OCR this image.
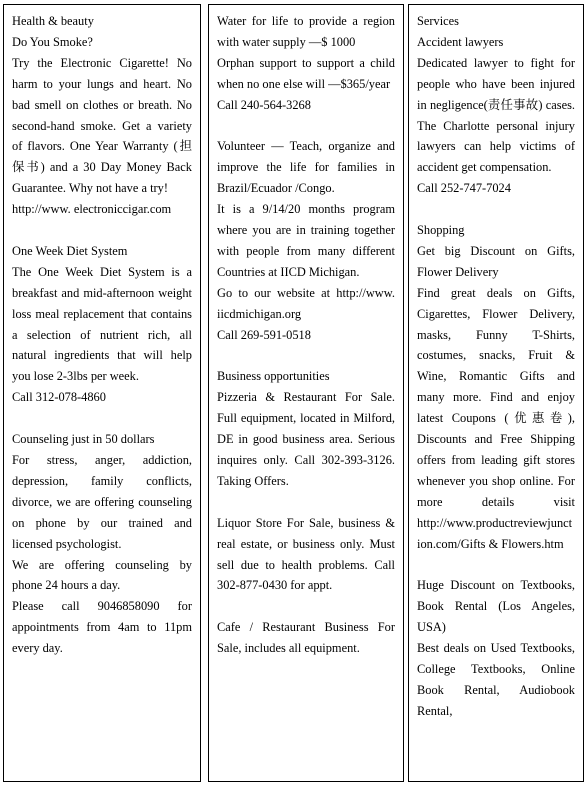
Health & beauty

Do You Smoke?

Try the Electronic Cigarette! No harm to your lungs and heart. No bad smell on clothes or breath. No second-hand smoke. Get a variety of flavors. One Year Warranty (担保书) and a 30 Day Money Back Guarantee. Why not have a try!

http://www. electroniccigar.com

One Week Diet System

The One Week Diet System is a breakfast and mid-afternoon weight loss meal replacement that contains a selection of nutrient rich, all natural ingredients that will help you lose 2-3lbs per week.

Call 312-078-4860

Counseling just in 50 dollars

For stress, anger, addiction, depression, family conflicts, divorce, we are offering counseling on phone by our trained and licensed psychologist.

We are offering counseling by phone 24 hours a day.

Please call 9046858090 for appointments from 4am to 11pm every day.

Water for life to provide a region with water supply —$ 1000

Orphan support to support a child when no one else will —$365/year

Call 240-564-3268

Volunteer — Teach, organize and improve the life for families in Brazil/Ecuador /Congo.

It is a 9/14/20 months program where you are in training together with people from many different Countries at IICD Michigan.

Go to our website at http://www. iicdmichigan.org

Call 269-591-0518

Business opportunities

Pizzeria & Restaurant For Sale. Full equipment, located in Milford, DE in good business area. Serious inquires only. Call 302-393-3126. Taking Offers.

Liquor Store For Sale, business & real estate, or business only. Must sell due to health problems. Call 302-877-0430 for appt.

Cafe / Restaurant Business For Sale, includes all equipment.

Services

Accident lawyers

Dedicated lawyer to fight for people who have been injured in negligence(责任事故) cases. The Charlotte personal injury lawyers can help victims of accident get compensation.

Call 252-747-7024

Shopping

Get big Discount on Gifts, Flower Delivery

Find great deals on Gifts, Cigarettes, Flower Delivery, masks, Funny T-Shirts, costumes, snacks, Fruit & Wine, Romantic Gifts and many more. Find and enjoy latest Coupons (优惠卷), Discounts and Free Shipping offers from leading gift stores whenever you shop online. For more details visit http://www.productreviewjunction.com/Gifts & Flowers.htm

Huge Discount on Textbooks, Book Rental (Los Angeles, USA)

Best deals on Used Textbooks, College Textbooks, Online Book Rental, Audiobook Rental,
